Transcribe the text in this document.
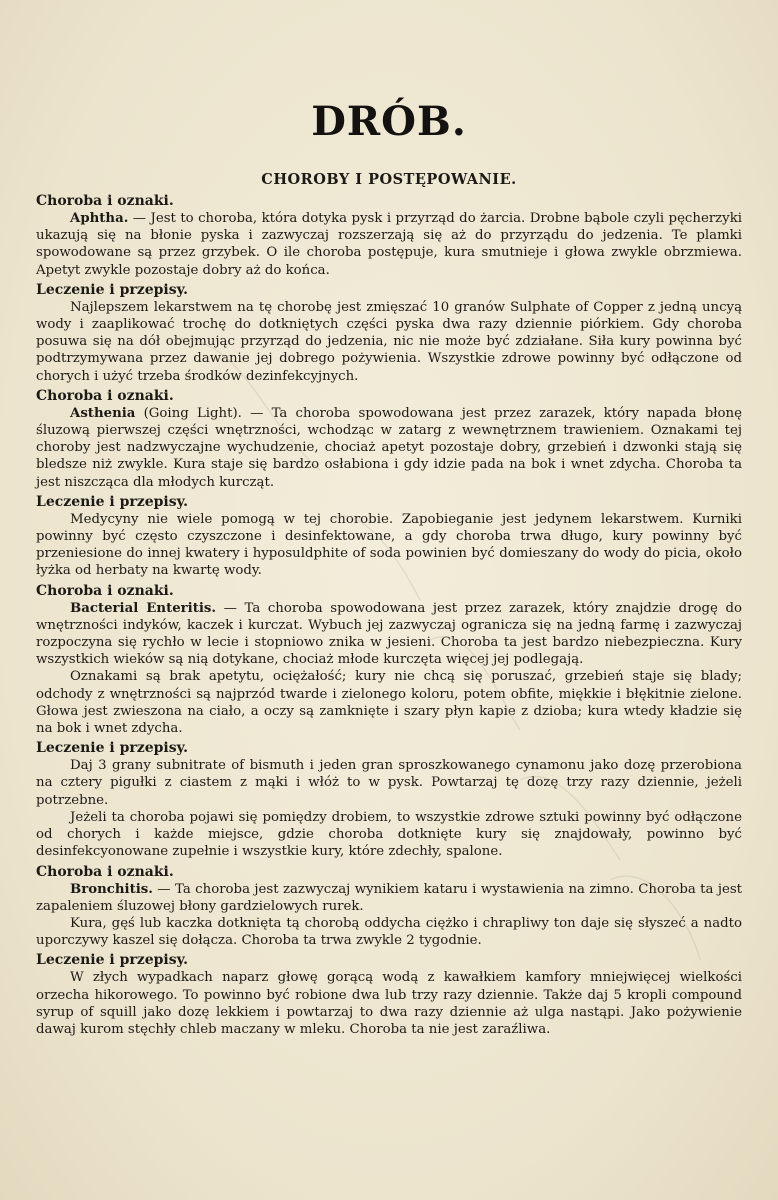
DRÓB.
CHOROBY I POSTĘPOWANIE.
Choroba i oznaki.

Aphtha. — Jest to choroba, która dotyka pysk i przyrząd do żarcia. Drobne bąbole czyli pęcherzyki ukazują się na błonie pyska i zazwyczaj rozszerzają się aż do przyrządu do jedzenia. Te plamki spowodowane są przez grzybek. O ile choroba postępuje, kura smutnieje i głowa zwykle obrzmiewa. Apetyt zwykle pozostaje dobry aż do końca.

Leczenie i przepisy.

Najlepszem lekarstwem na tę chorobę jest zmięszać 10 granów Sulphate of Copper z jedną uncyą wody i zaaplikować trochę do dotkniętych części pyska dwa razy dziennie piórkiem. Gdy choroba posuwa się na dół obejmując przyrząd do jedzenia, nic nie może być zdziałane. Siła kury powinna być podtrzymywana przez dawanie jej dobrego pożywienia. Wszystkie zdrowe powinny być odłączone od chorych i użyć trzeba środków dezinfekcyjnych.

Choroba i oznaki.

Asthenia (Going Light). — Ta choroba spowodowana jest przez zarazek, który napada błonę śluzową pierwszej części wnętrzności, wchodząc w zatarg z wewnętrznem trawieniem. Oznakami tej choroby jest nadzwyczajne wychudzenie, chociaż apetyt pozostaje dobry, grzebień i dzwonki stają się bledsze niż zwykle. Kura staje się bardzo osłabiona i gdy idzie pada na bok i wnet zdycha. Choroba ta jest niszcząca dla młodych kurcząt.

Leczenie i przepisy.

Medycyny nie wiele pomogą w tej chorobie. Zapobieganie jest jedynem lekarstwem. Kurniki powinny być często czyszczone i desinfektowane, a gdy choroba trwa długo, kury powinny być przeniesione do innej kwatery i hyposuldphite of soda powinien być domieszany do wody do picia, około łyżka od herbaty na kwartę wody.

Choroba i oznaki.

Bacterial Enteritis. — Ta choroba spowodowana jest przez zarazek, który znajdzie drogę do wnętrzności indyków, kaczek i kurczat. Wybuch jej zazwyczaj ogranicza się na jedną farmę i zazwyczaj rozpoczyna się rychło w lecie i stopniowo znika w jesieni. Choroba ta jest bardzo niebezpieczna. Kury wszystkich wieków są nią dotykane, chociaż młode kurczęta więcej jej podlegają.

Oznakami są brak apetytu, ociężałość; kury nie chcą się poruszać, grzebień staje się blady; odchody z wnętrzności są najprzód twarde i zielonego koloru, potem obfite, miękkie i błękitnie zielone. Głowa jest zwieszona na ciało, a oczy są zamknięte i szary płyn kapie z dzioba; kura wtedy kładzie się na bok i wnet zdycha.

Leczenie i przepisy.

Daj 3 grany subnitrate of bismuth i jeden gran sproszkowanego cynamonu jako dozę przerobiona na cztery pigułki z ciastem z mąki i włóż to w pysk. Powtarzaj tę dozę trzy razy dziennie, jeżeli potrzebne.

Jeżeli ta choroba pojawi się pomiędzy drobiem, to wszystkie zdrowe sztuki powinny być odłączone od chorych i każde miejsce, gdzie choroba dotknięte kury się znajdowały, powinno być desinfekcyonowane zupełnie i wszystkie kury, które zdechły, spalone.

Choroba i oznaki.

Bronchitis. — Ta choroba jest zazwyczaj wynikiem kataru i wystawienia na zimno. Choroba ta jest zapaleniem śluzowej błony gardzielowych rurek.

Kura, gęś lub kaczka dotknięta tą chorobą oddycha ciężko i chrapliwy ton daje się słyszeć a nadto uporczywy kaszel się dołącza. Choroba ta trwa zwykle 2 tygodnie.

Leczenie i przepisy.

W złych wypadkach naparz głowę gorącą wodą z kawałkiem kamfory mniejwięcej wielkości orzecha hikorowego. To powinno być robione dwa lub trzy razy dziennie. Także daj 5 kropli compound syrup of squill jako dozę lekkiem i powtarzaj to dwa razy dziennie aż ulga nastąpi. Jako pożywienie dawaj kurom stęchły chleb maczany w mleku. Choroba ta nie jest zaraźliwa.
